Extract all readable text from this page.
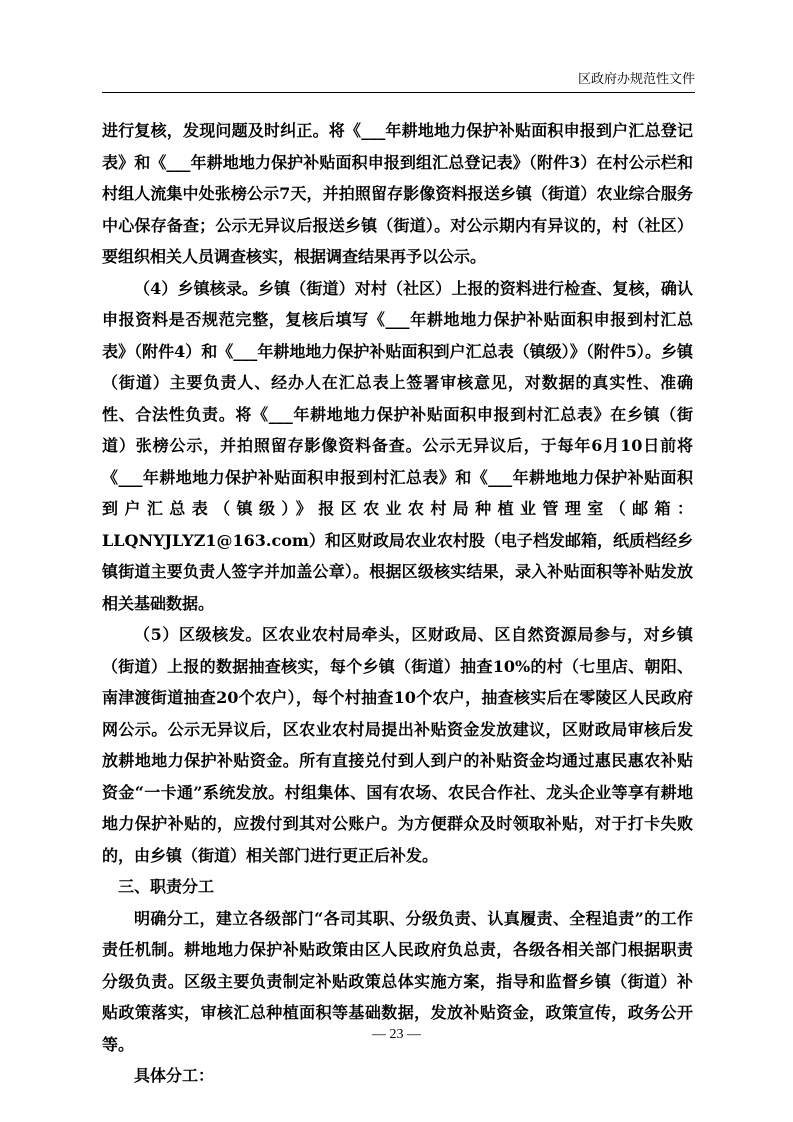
区政府办规范性文件

进行复核，发现问题及时纠正。将《___年耕地地力保护补贴面积申报到户汇总登记表》和《___年耕地地力保护补贴面积申报到组汇总登记表》（附件3）在村公示栏和村组人流集中处张榜公示7天，并拍照留存影像资料报送乡镇（街道）农业综合服务中心保存备查；公示无异议后报送乡镇（街道）。对公示期内有异议的，村（社区）要组织相关人员调查核实，根据调查结果再予以公示。

（4）乡镇核录。乡镇（街道）对村（社区）上报的资料进行检查、复核，确认申报资料是否规范完整，复核后填写《___年耕地地力保护补贴面积申报到村汇总表》（附件4）和《___年耕地地力保护补贴面积到户汇总表（镇级）》（附件5）。乡镇（街道）主要负责人、经办人在汇总表上签署审核意见，对数据的真实性、准确性、合法性负责。将《___年耕地地力保护补贴面积申报到村汇总表》在乡镇（街道）张榜公示，并拍照留存影像资料备查。公示无异议后，于每年6月10日前将《___年耕地地力保护补贴面积申报到村汇总表》和《___年耕地地力保护补贴面积到户汇总表（镇级）》报区农业农村局种植业管理室（邮箱：LLQNYJLYZ1@163.com）和区财政局农业农村股（电子档发邮箱，纸质档经乡镇街道主要负责人签字并加盖公章）。根据区级核实结果，录入补贴面积等补贴发放相关基础数据。

（5）区级核发。区农业农村局牵头，区财政局、区自然资源局参与，对乡镇（街道）上报的数据抽查核实，每个乡镇（街道）抽查10%的村（七里店、朝阳、南津渡街道抽查20个农户），每个村抽查10个农户，抽查核实后在零陵区人民政府网公示。公示无异议后，区农业农村局提出补贴资金发放建议，区财政局审核后发放耕地地力保护补贴资金。所有直接兑付到人到户的补贴资金均通过惠民惠农补贴资金“一卡通”系统发放。村组集体、国有农场、农民合作社、龙头企业等享有耕地地力保护补贴的，应拨付到其对公账户。为方便群众及时领取补贴，对于打卡失败的，由乡镇（街道）相关部门进行更正后补发。

三、职责分工

明确分工，建立各级部门“各司其职、分级负责、认真履责、全程追责”的工作责任机制。耕地地力保护补贴政策由区人民政府负总责，各级各相关部门根据职责分级负责。区级主要负责制定补贴政策总体实施方案，指导和监督乡镇（街道）补贴政策落实，审核汇总种植面积等基础数据，发放补贴资金，政策宣传，政务公开等。

具体分工：

— 23 —
